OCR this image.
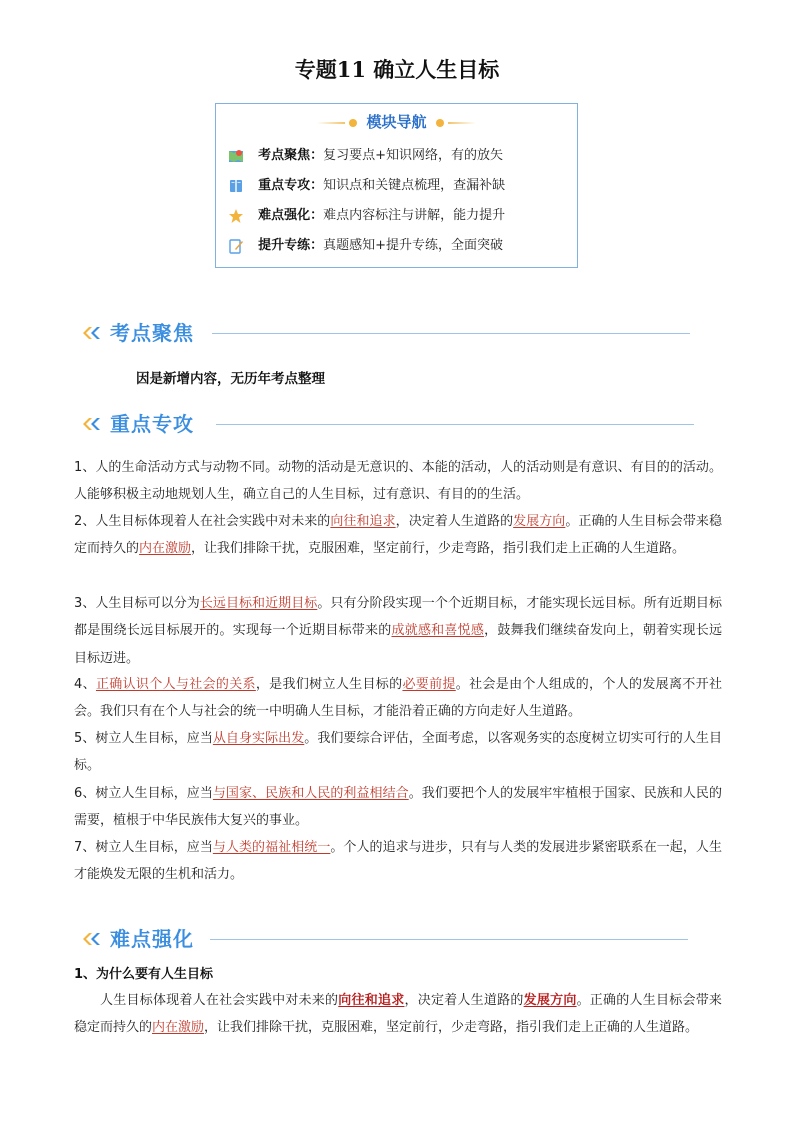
专题11 确立人生目标
模块导航
考点聚焦：复习要点+知识网络，有的放矢
重点专攻：知识点和关键点梳理，查漏补缺
难点强化：难点内容标注与讲解，能力提升
提升专练：真题感知+提升专练，全面突破
考点聚焦
因是新增内容，无历年考点整理
重点专攻
1、人的生命活动方式与动物不同。动物的活动是无意识的、本能的活动，人的活动则是有意识、有目的的活动。人能够积极主动地规划人生，确立自己的人生目标，过有意识、有目的的生活。
2、人生目标体现着人在社会实践中对未来的向往和追求，决定着人生道路的发展方向。正确的人生目标会带来稳定而持久的内在激励，让我们排除干扰，克服困难，坚定前行，少走弯路，指引我们走上正确的人生道路。
3、人生目标可以分为长远目标和近期目标。只有分阶段实现一个个近期目标，才能实现长远目标。所有近期目标都是围绕长远目标展开的。实现每一个近期目标带来的成就感和喜悦感，鼓舞我们继续奋发向上，朝着实现长远目标迈进。
4、正确认识个人与社会的关系，是我们树立人生目标的必要前提。社会是由个人组成的，个人的发展离不开社会。我们只有在个人与社会的统一中明确人生目标，才能沿着正确的方向走好人生道路。
5、树立人生目标，应当从自身实际出发。我们要综合评估，全面考虑，以客观务实的态度树立切实可行的人生目标。
6、树立人生目标，应当与国家、民族和人民的利益相结合。我们要把个人的发展牢牢植根于国家、民族和人民的需要，植根于中华民族伟大复兴的事业。
7、树立人生目标，应当与人类的福祉相统一。个人的追求与进步，只有与人类的发展进步紧密联系在一起，人生才能焕发无限的生机和活力。
难点强化
1、为什么要有人生目标
人生目标体现着人在社会实践中对未来的向往和追求，决定着人生道路的发展方向。正确的人生目标会带来稳定而持久的内在激励，让我们排除干扰，克服困难，坚定前行，少走弯路，指引我们走上正确的人生道路。
